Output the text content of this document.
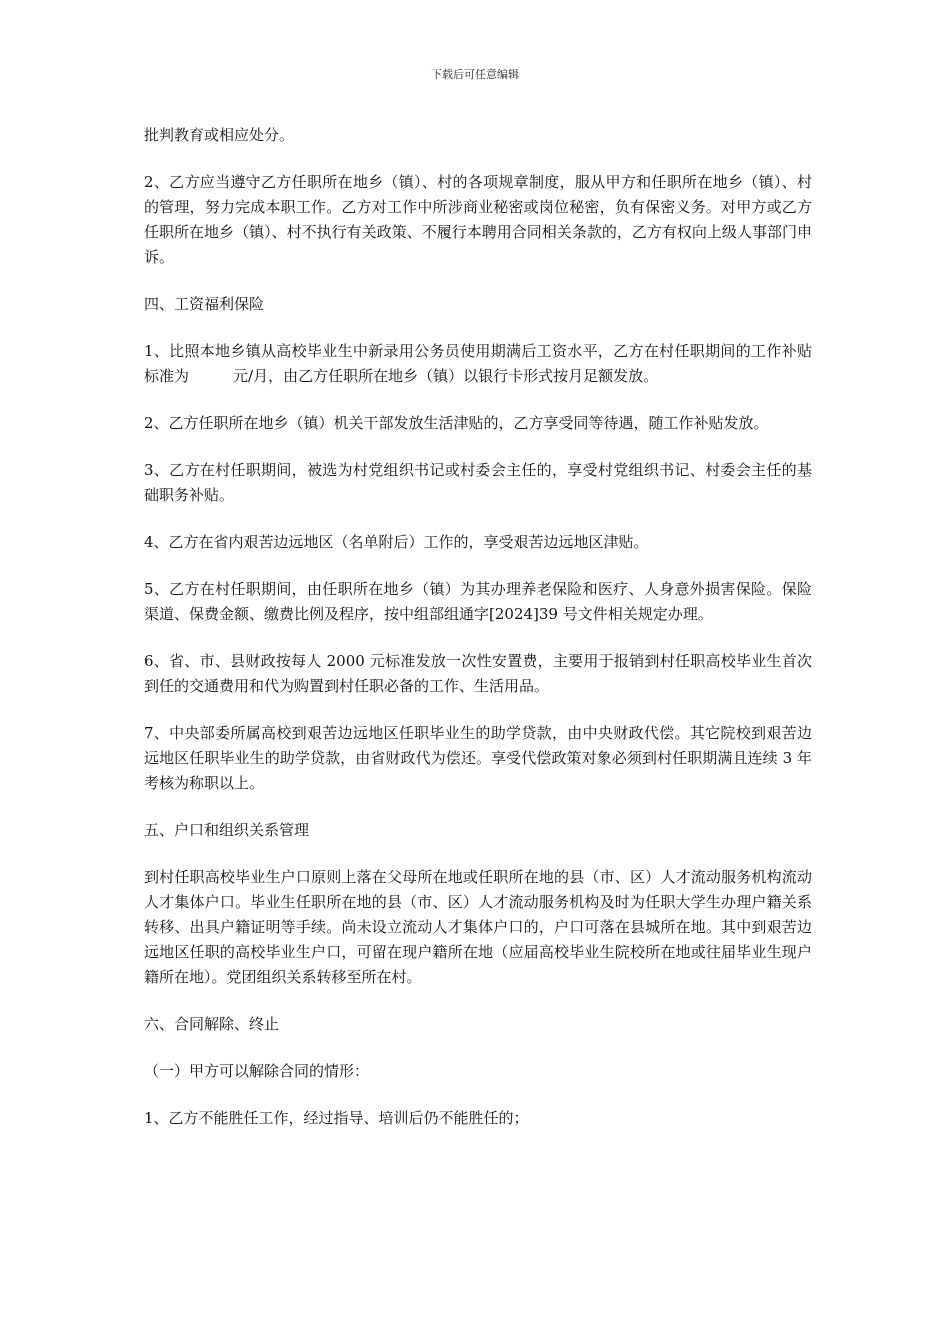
下载后可任意编辑

批判教育或相应处分。

2、乙方应当遵守乙方任职所在地乡（镇）、村的各项规章制度，服从甲方和任职所在地乡（镇）、村的管理，努力完成本职工作。乙方对工作中所涉商业秘密或岗位秘密，负有保密义务。对甲方或乙方任职所在地乡（镇）、村不执行有关政策、不履行本聘用合同相关条款的，乙方有权向上级人事部门申诉。

四、工资福利保险

1、比照本地乡镇从高校毕业生中新录用公务员使用期满后工资水平，乙方在村任职期间的工作补贴标准为	元/月，由乙方任职所在地乡（镇）以银行卡形式按月足额发放。

2、乙方任职所在地乡（镇）机关干部发放生活津贴的，乙方享受同等待遇，随工作补贴发放。

3、乙方在村任职期间，被选为村党组织书记或村委会主任的，享受村党组织书记、村委会主任的基础职务补贴。

4、乙方在省内艰苦边远地区（名单附后）工作的，享受艰苦边远地区津贴。

5、乙方在村任职期间，由任职所在地乡（镇）为其办理养老保险和医疗、人身意外损害保险。保险渠道、保费金额、缴费比例及程序，按中组部组通字[2024]39 号文件相关规定办理。

6、省、市、县财政按每人 2000 元标准发放一次性安置费，主要用于报销到村任职高校毕业生首次到任的交通费用和代为购置到村任职必备的工作、生活用品。

7、中央部委所属高校到艰苦边远地区任职毕业生的助学贷款，由中央财政代偿。其它院校到艰苦边远地区任职毕业生的助学贷款，由省财政代为偿还。享受代偿政策对象必须到村任职期满且连续 3 年考核为称职以上。

五、户口和组织关系管理

到村任职高校毕业生户口原则上落在父母所在地或任职所在地的县（市、区）人才流动服务机构流动人才集体户口。毕业生任职所在地的县（市、区）人才流动服务机构及时为任职大学生办理户籍关系转移、出具户籍证明等手续。尚未设立流动人才集体户口的，户口可落在县城所在地。其中到艰苦边远地区任职的高校毕业生户口，可留在现户籍所在地（应届高校毕业生院校所在地或往届毕业生现户籍所在地）。党团组织关系转移至所在村。

六、合同解除、终止

（一）甲方可以解除合同的情形：

1、乙方不能胜任工作，经过指导、培训后仍不能胜任的；
